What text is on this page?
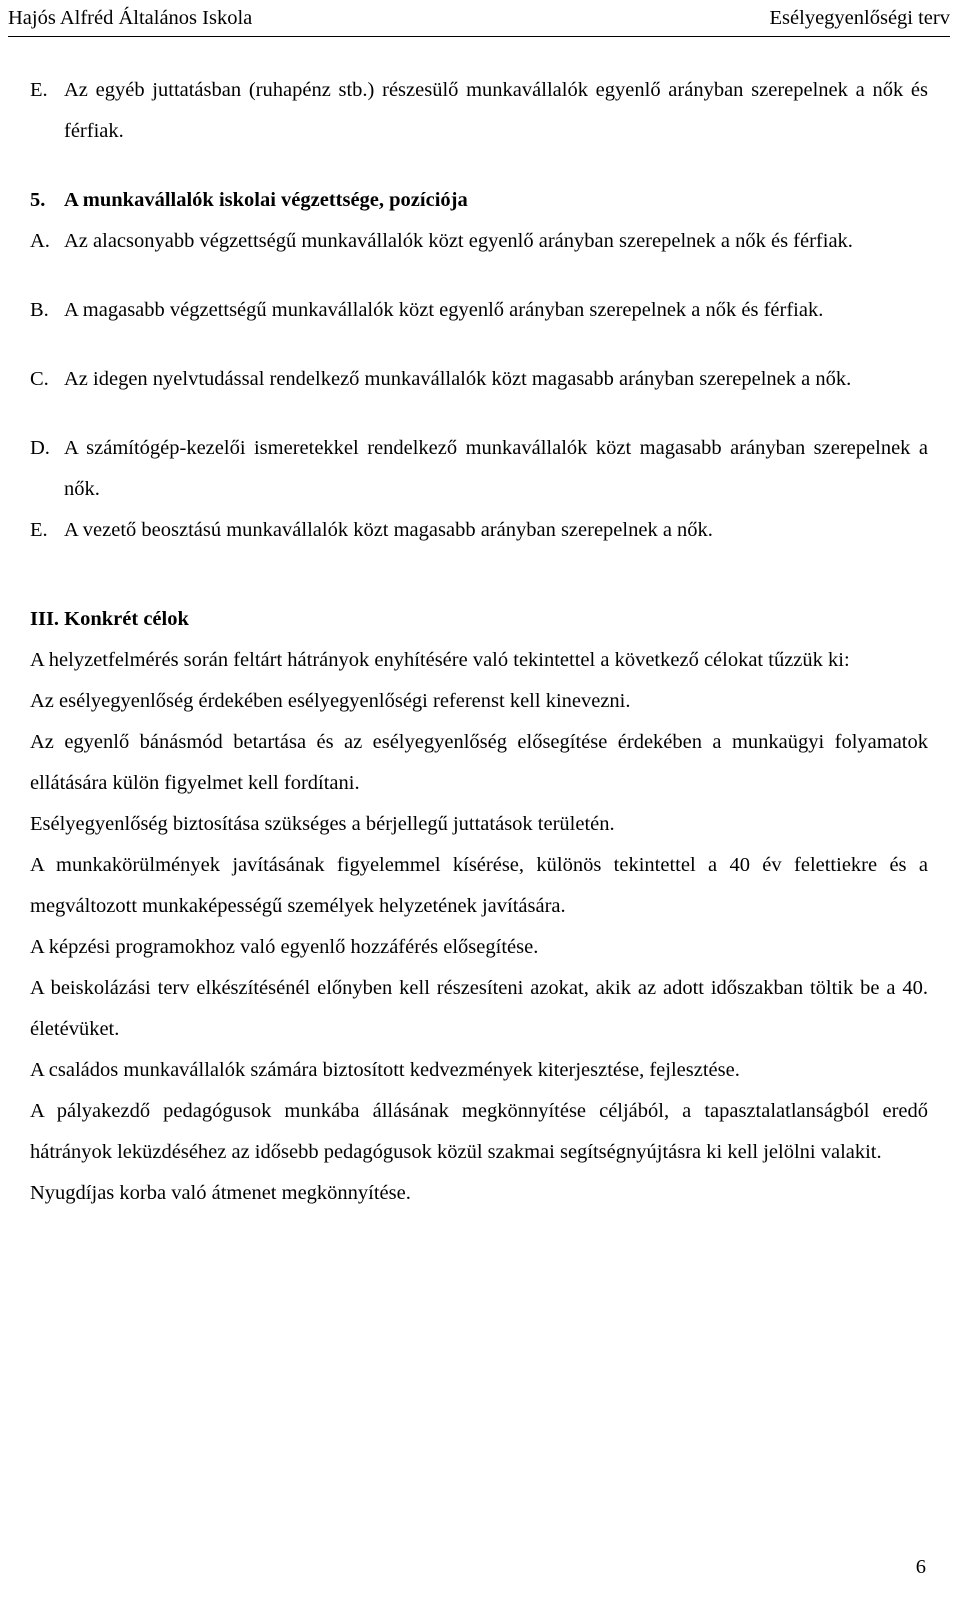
Hajós Alfréd Általános Iskola	Esélyegyenlőségi terv
E. Az egyéb juttatásban (ruhapénz stb.) részesülő munkavállalók egyenlő arányban szerepelnek a nők és férfiak.
5. A munkavállalók iskolai végzettsége, pozíciója
A. Az alacsonyabb végzettségű munkavállalók közt egyenlő arányban szerepelnek a nők és férfiak.
B. A magasabb végzettségű munkavállalók közt egyenlő arányban szerepelnek a nők és férfiak.
C. Az idegen nyelvtudással rendelkező munkavállalók közt magasabb arányban szerepelnek a nők.
D. A számítógép-kezelői ismeretekkel rendelkező munkavállalók közt magasabb arányban szerepelnek a nők.
E. A vezető beosztású munkavállalók közt magasabb arányban szerepelnek a nők.

III. Konkrét célok

A helyzetfelmérés során feltárt hátrányok enyhítésére való tekintettel a következő célokat tűzzük ki:

Az esélyegyenlőség érdekében esélyegyenlőségi referenst kell kinevezni.

Az egyenlő bánásmód betartása és az esélyegyenlőség elősegítése érdekében a munkaügyi folyamatok ellátására külön figyelmet kell fordítani.

Esélyegyenlőség biztosítása szükséges a bérjellegű juttatások területén.

A munkakörülmények javításának figyelemmel kísérése, különös tekintettel a 40 év felettiekre és a megváltozott munkaképességű személyek helyzetének javítására.

A képzési programokhoz való egyenlő hozzáférés elősegítése.

A beiskolázási terv elkészítésénél előnyben kell részesíteni azokat, akik az adott időszakban töltik be a 40. életévüket.

A családos munkavállalók számára biztosított kedvezmények kiterjesztése, fejlesztése.

A pályakezdő pedagógusok munkába állásának megkönnyítése céljából, a tapasztalatlanságból eredő hátrányok leküzdéséhez az idősebb pedagógusok közül szakmai segítségnyújtásra ki kell jelölni valakit.

Nyugdíjas korba való átmenet megkönnyítése.

6
